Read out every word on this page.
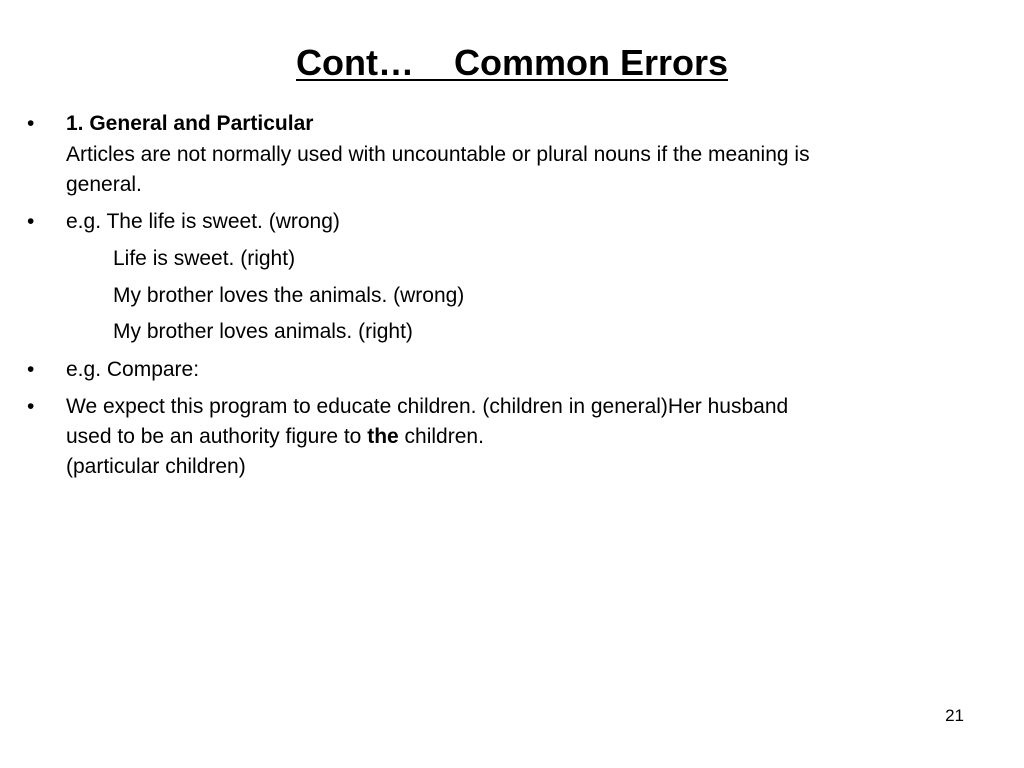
Cont…    Common Errors
• 1. General and Particular
Articles are not normally used with uncountable or plural nouns if the meaning is
general.
• e.g. The life is sweet. (wrong)
Life is sweet. (right)
My brother loves the animals. (wrong)
My brother loves animals. (right)
• e.g. Compare:
• We expect this program to educate children. (children in general)Her husband
used to be an authority figure to the children.
(particular children)
21
